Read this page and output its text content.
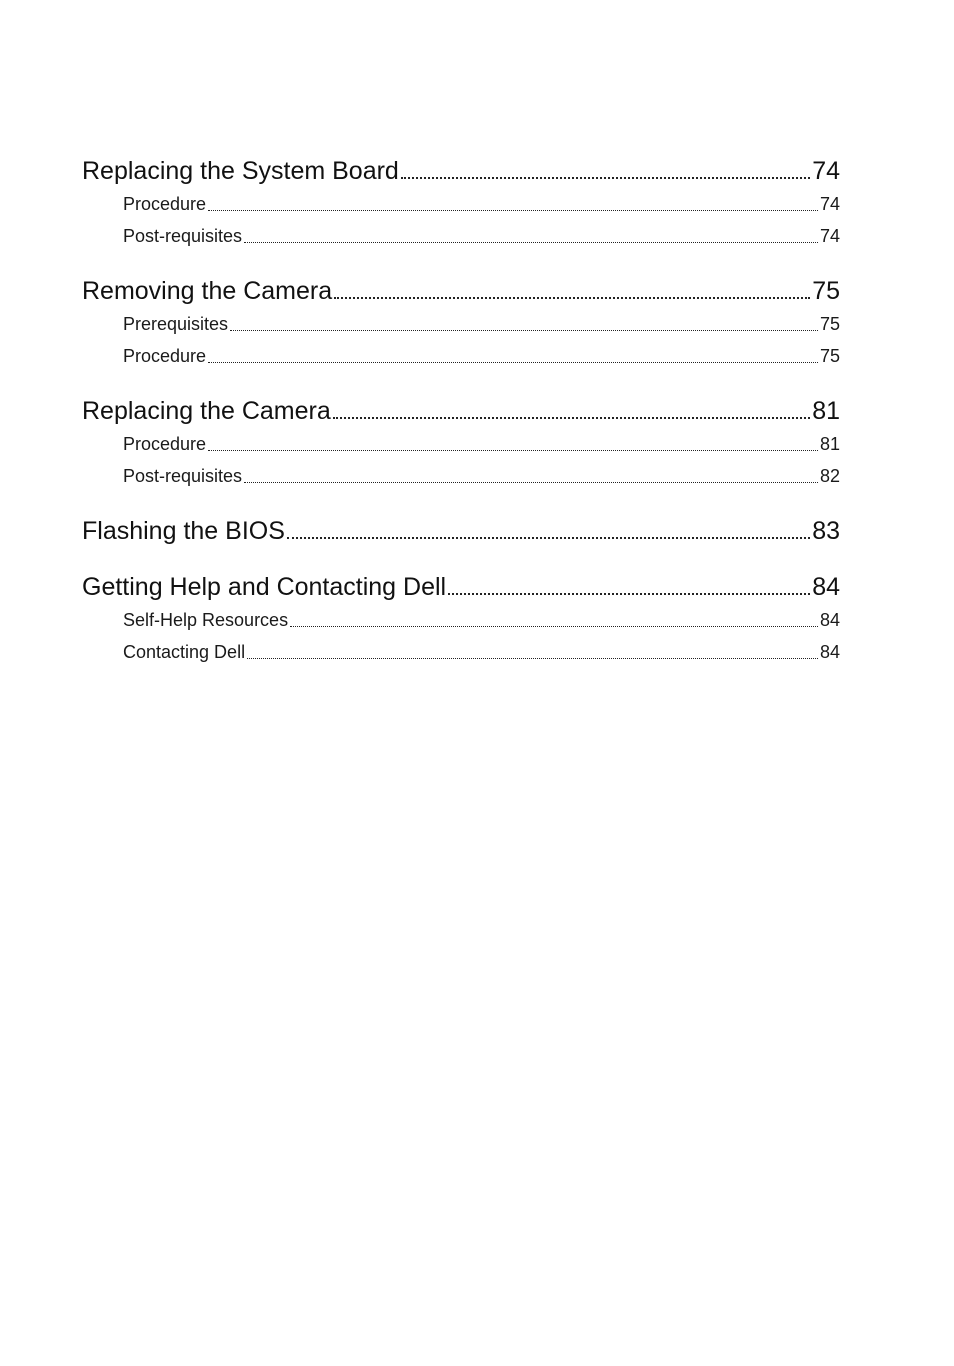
Replacing the System Board	74
Procedure	74
Post-requisites	74
Removing the Camera	75
Prerequisites	75
Procedure	75
Replacing the Camera	81
Procedure	81
Post-requisites	82
Flashing the BIOS	83
Getting Help and Contacting Dell	84
Self-Help Resources	84
Contacting Dell	84
